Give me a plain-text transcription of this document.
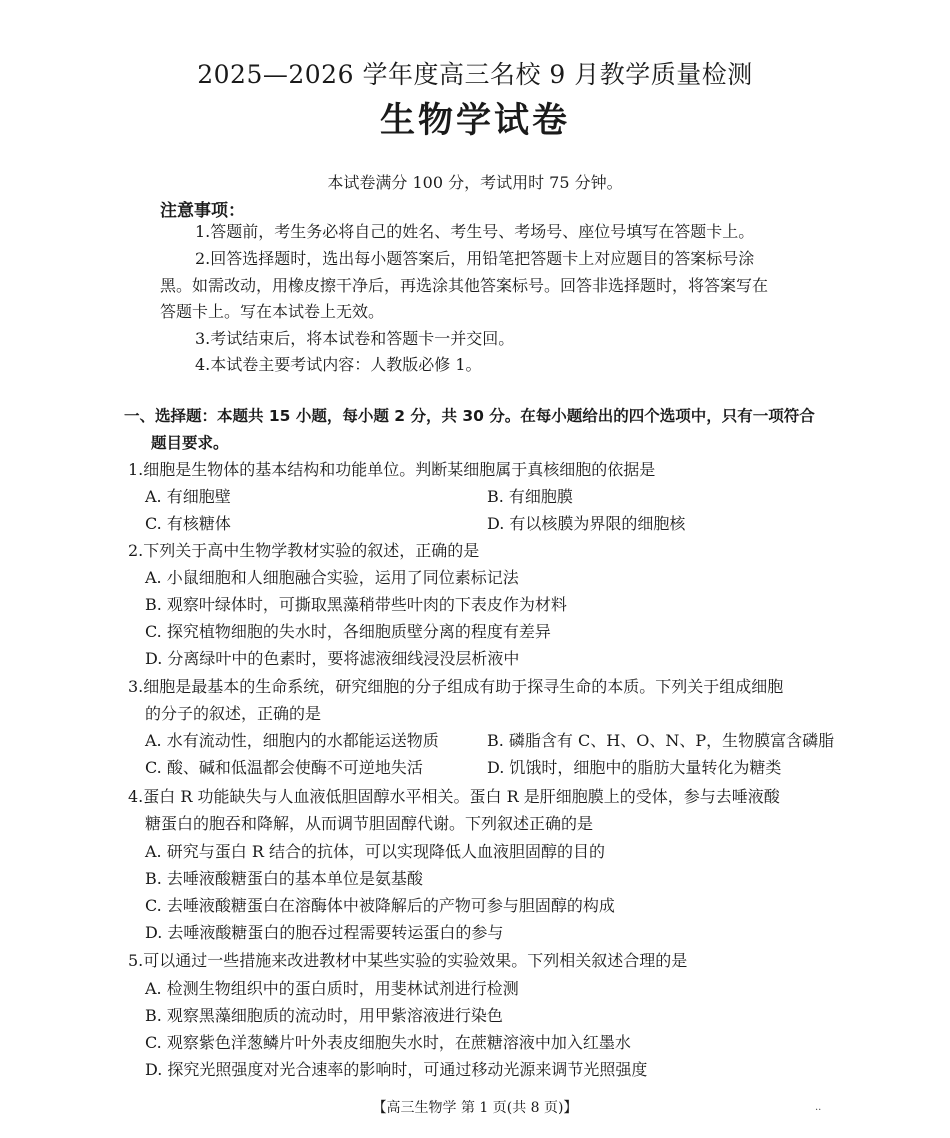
2025—2026 学年度高三名校 9 月教学质量检测
生物学试卷
本试卷满分 100 分，考试用时 75 分钟。
注意事项：
1.答题前，考生务必将自己的姓名、考生号、考场号、座位号填写在答题卡上。
2.回答选择题时，选出每小题答案后，用铅笔把答题卡上对应题目的答案标号涂
黑。如需改动，用橡皮擦干净后，再选涂其他答案标号。回答非选择题时，将答案写在
答题卡上。写在本试卷上无效。
3.考试结束后，将本试卷和答题卡一并交回。
4.本试卷主要考试内容：人教版必修 1。
一、选择题：本题共 15 小题，每小题 2 分，共 30 分。在每小题给出的四个选项中，只有一项符合
题目要求。
1.细胞是生物体的基本结构和功能单位。判断某细胞属于真核细胞的依据是
A. 有细胞壁	B. 有细胞膜
C. 有核糖体	D. 有以核膜为界限的细胞核
2.下列关于高中生物学教材实验的叙述，正确的是
A. 小鼠细胞和人细胞融合实验，运用了同位素标记法
B. 观察叶绿体时，可撕取黑藻稍带些叶肉的下表皮作为材料
C. 探究植物细胞的失水时，各细胞质壁分离的程度有差异
D. 分离绿叶中的色素时，要将滤液细线浸没层析液中
3.细胞是最基本的生命系统，研究细胞的分子组成有助于探寻生命的本质。下列关于组成细胞
的分子的叙述，正确的是
A. 水有流动性，细胞内的水都能运送物质	B. 磷脂含有 C、H、O、N、P，生物膜富含磷脂
C. 酸、碱和低温都会使酶不可逆地失活	D. 饥饿时，细胞中的脂肪大量转化为糖类
4.蛋白 R 功能缺失与人血液低胆固醇水平相关。蛋白 R 是肝细胞膜上的受体，参与去唾液酸
糖蛋白的胞吞和降解，从而调节胆固醇代谢。下列叙述正确的是
A. 研究与蛋白 R 结合的抗体，可以实现降低人血液胆固醇的目的
B. 去唾液酸糖蛋白的基本单位是氨基酸
C. 去唾液酸糖蛋白在溶酶体中被降解后的产物可参与胆固醇的构成
D. 去唾液酸糖蛋白的胞吞过程需要转运蛋白的参与
5.可以通过一些措施来改进教材中某些实验的实验效果。下列相关叙述合理的是
A. 检测生物组织中的蛋白质时，用斐林试剂进行检测
B. 观察黑藻细胞质的流动时，用甲紫溶液进行染色
C. 观察紫色洋葱鳞片叶外表皮细胞失水时，在蔗糖溶液中加入红墨水
D. 探究光照强度对光合速率的影响时，可通过移动光源来调节光照强度
【高三生物学 第 1 页(共 8 页)】	..
